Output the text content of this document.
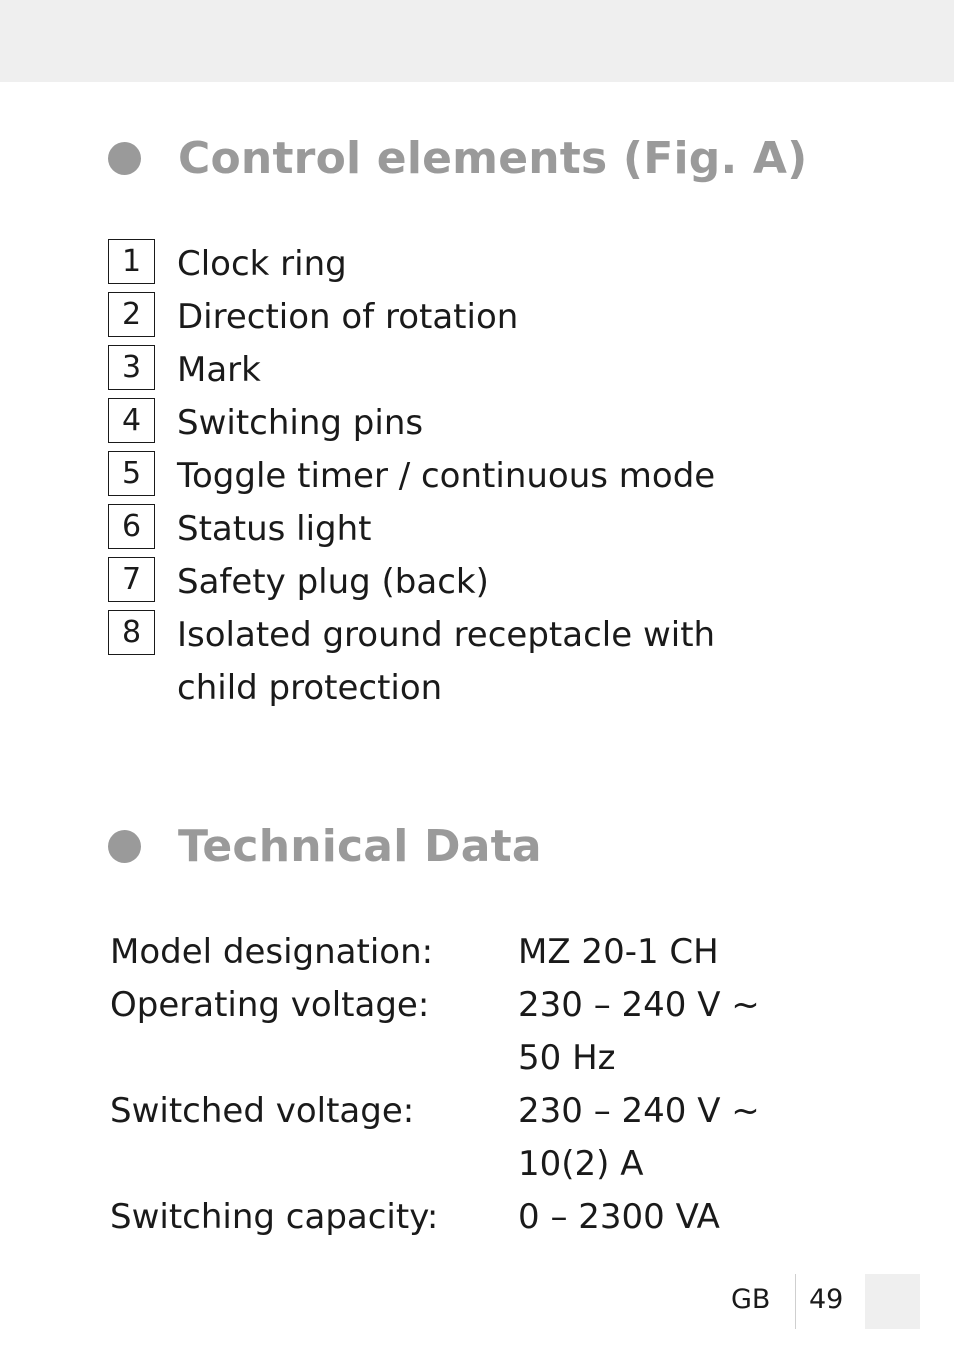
Control elements (Fig. A)
1	Clock ring
2	Direction of rotation
3	Mark
4	Switching pins
5	Toggle timer / continuous mode
6	Status light
7	Safety plug (back)
8	Isolated ground receptacle with child protection
Technical Data
Model designation:	MZ 20-1 CH
Operating voltage:	230 – 240 V ~
50 Hz
Switched voltage:	230 – 240 V ~
10(2) A
Switching capacity:	0 – 2300 VA
GB 49
